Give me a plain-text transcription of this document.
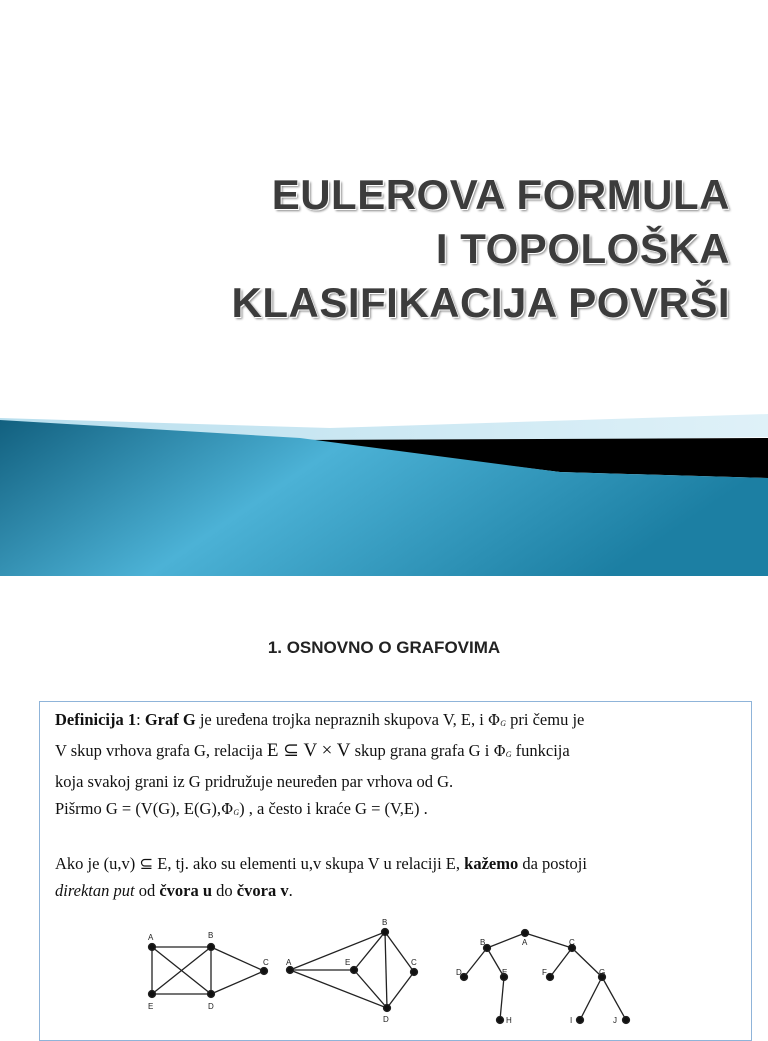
EULEROVA FORMULA
I TOPOLOŠKA
KLASIFIKACIJA POVRŠI
1. OSNOVNO O GRAFOVIMA

Definicija 1: Graf G je uređena trojka nepraznih skupova V, E, i ΦG pri čemu je

V skup vrhova grafa G, relacija E ⊆ V × V skup grana grafa G i ΦG funkcija

koja svakoj grani iz G pridružuje neuređen par vrhova od G.

Pišrmo G = (V(G), E(G),ΦG) , a često i kraće G = (V,E) .

Ako je (u,v) ⊆ E, tj. ako su elementi u,v skupa V u relaciji E, kažemo da postoji

direktan put od čvora u do čvora v.

A	B
C
D
E
A
B
C
D
E
A
B	C
D	E	F	G
H	I	J
